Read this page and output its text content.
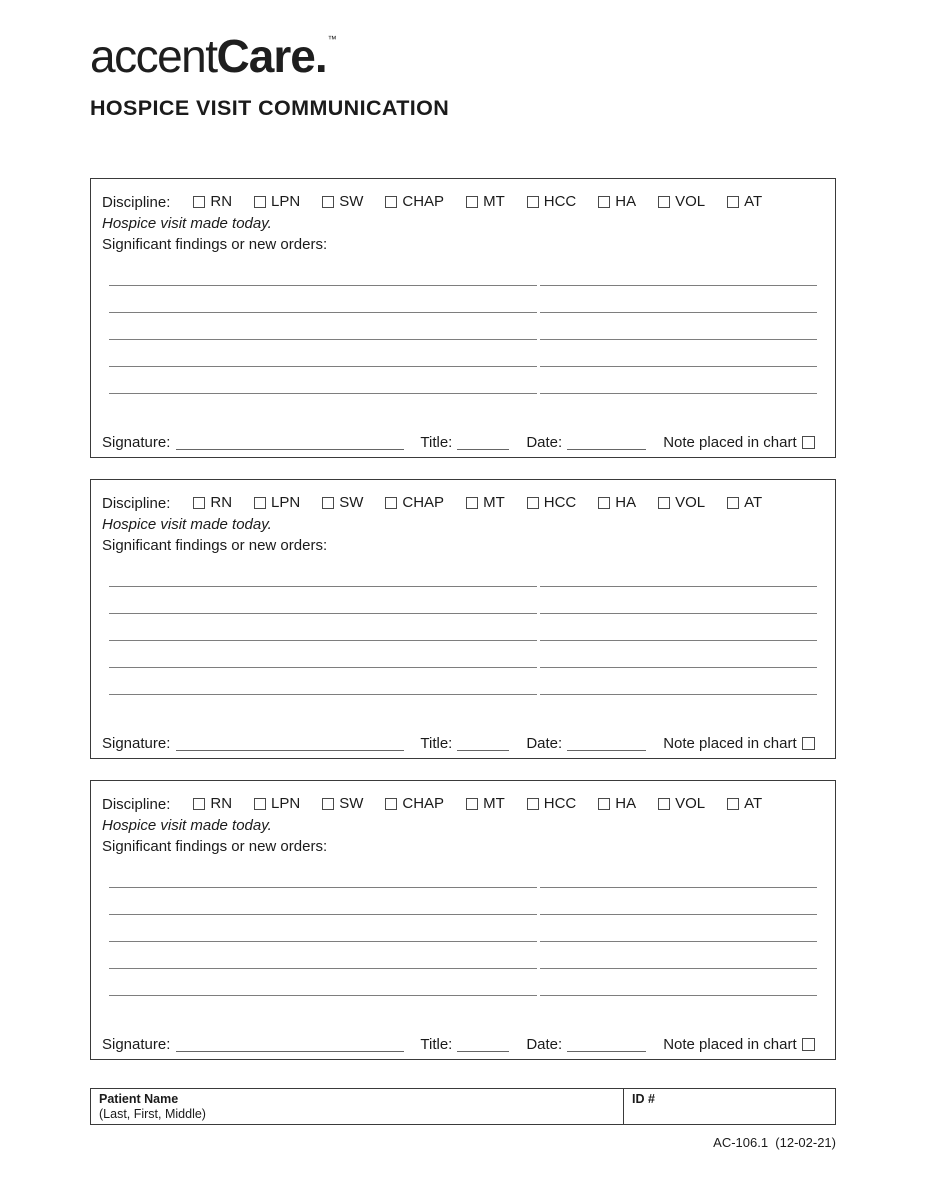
accentCare.™
HOSPICE VISIT COMMUNICATION
Discipline:	RN	LPN	SW	CHAP	MT	HCC	HA	VOL	AT
Hospice visit made today.
Significant findings or new orders:
Signature:	Title:	Date:	Note placed in chart
Discipline:	RN	LPN	SW	CHAP	MT	HCC	HA	VOL	AT
Hospice visit made today.
Significant findings or new orders:
Signature:	Title:	Date:	Note placed in chart
Discipline:	RN	LPN	SW	CHAP	MT	HCC	HA	VOL	AT
Hospice visit made today.
Significant findings or new orders:
Signature:	Title:	Date:	Note placed in chart
Patient Name
(Last, First, Middle)
ID #
AC-106.1  (12-02-21)
